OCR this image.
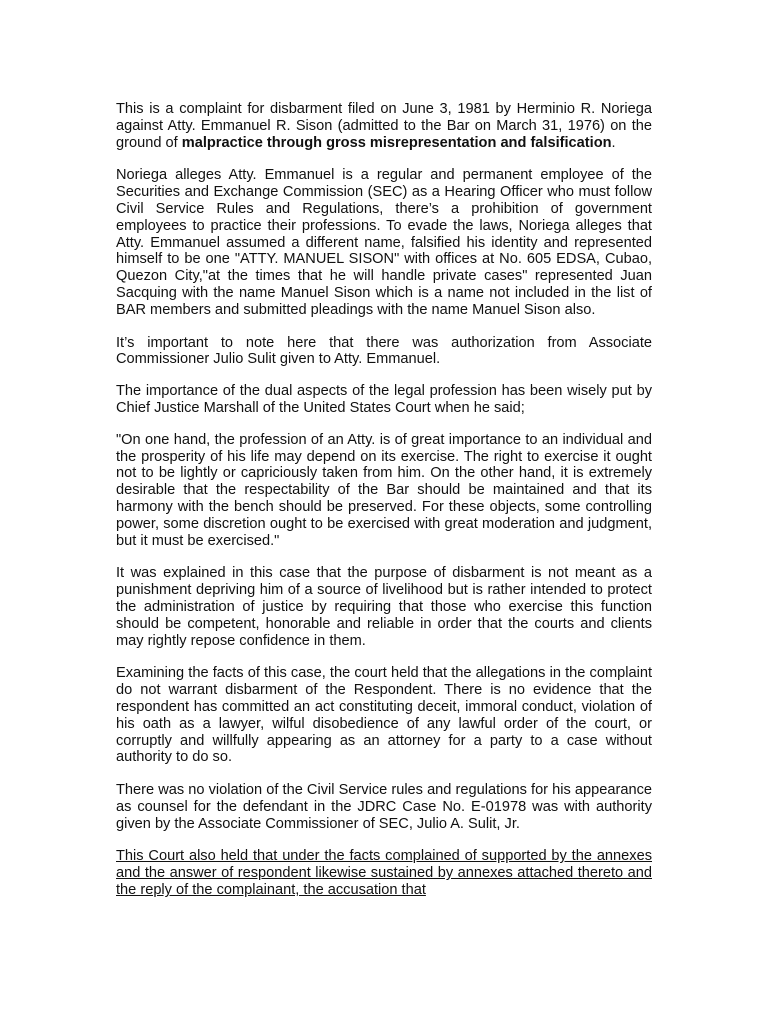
This is a complaint for disbarment filed on June 3, 1981 by Herminio R. Noriega against Atty. Emmanuel R. Sison (admitted to the Bar on March 31, 1976) on the ground of malpractice through gross misrepresentation and falsification.

Noriega alleges Atty. Emmanuel is a regular and permanent employee of the Securities and Exchange Commission (SEC) as a Hearing Officer who must follow Civil Service Rules and Regulations, there’s a prohibition of government employees to practice their professions. To evade the laws, Noriega alleges that Atty. Emmanuel assumed a different name, falsified his identity and represented himself to be one "ATTY. MANUEL SISON" with offices at No. 605 EDSA, Cubao, Quezon City,"at the times that he will handle private cases" represented Juan Sacquing with the name Manuel Sison which is a name not included in the list of BAR members and submitted pleadings with the name Manuel Sison also.

It’s important to note here that there was authorization from Associate Commissioner Julio Sulit given to Atty. Emmanuel.

The importance of the dual aspects of the legal profession has been wisely put by Chief Justice Marshall of the United States Court when he said;

"On one hand, the profession of an Atty. is of great importance to an individual and the prosperity of his life may depend on its exercise. The right to exercise it ought not to be lightly or capriciously taken from him. On the other hand, it is extremely desirable that the respectability of the Bar should be maintained and that its harmony with the bench should be preserved. For these objects, some controlling power, some discretion ought to be exercised with great moderation and judgment, but it must be exercised."

It was explained in this case that the purpose of disbarment is not meant as a punishment depriving him of a source of livelihood but is rather intended to protect the administration of justice by requiring that those who exercise this function should be competent, honorable and reliable in order that the courts and clients may rightly repose confidence in them.

Examining the facts of this case, the court held that the allegations in the complaint do not warrant disbarment of the Respondent. There is no evidence that the respondent has committed an act constituting deceit, immoral conduct, violation of his oath as a lawyer, wilful disobedience of any lawful order of the court, or corruptly and willfully appearing as an attorney for a party to a case without authority to do so.

There was no violation of the Civil Service rules and regulations for his appearance as counsel for the defendant in the JDRC Case No. E-01978 was with authority given by the Associate Commissioner of SEC, Julio A. Sulit, Jr.

This Court also held that under the facts complained of supported by the annexes and the answer of respondent likewise sustained by annexes attached thereto and the reply of the complainant, the accusation that
